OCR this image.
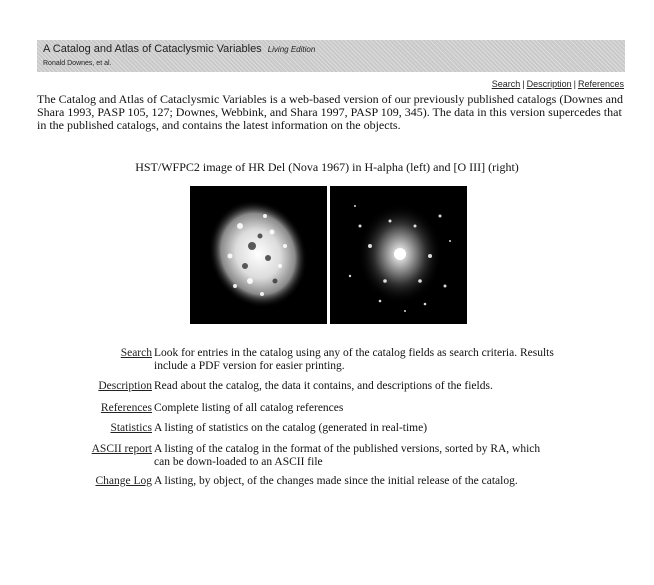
A Catalog and Atlas of Cataclysmic Variables Living Edition
Ronald Downes, et al.
Search | Description | References
The Catalog and Atlas of Cataclysmic Variables is a web-based version of our previously published catalogs (Downes and Shara 1993, PASP 105, 127; Downes, Webbink, and Shara 1997, PASP 109, 345). The data in this version supercedes that in the published catalogs, and contains the latest information on the objects.
HST/WFPC2 image of HR Del (Nova 1967) in H-alpha (left) and [O III] (right)
Search Look for entries in the catalog using any of the catalog fields as search criteria. Results include a PDF version for easier printing.
Description Read about the catalog, the data it contains, and descriptions of the fields.
References Complete listing of all catalog references
Statistics A listing of statistics on the catalog (generated in real-time)
ASCII report A listing of the catalog in the format of the published versions, sorted by RA, which can be down-loaded to an ASCII file
Change Log A listing, by object, of the changes made since the initial release of the catalog.
